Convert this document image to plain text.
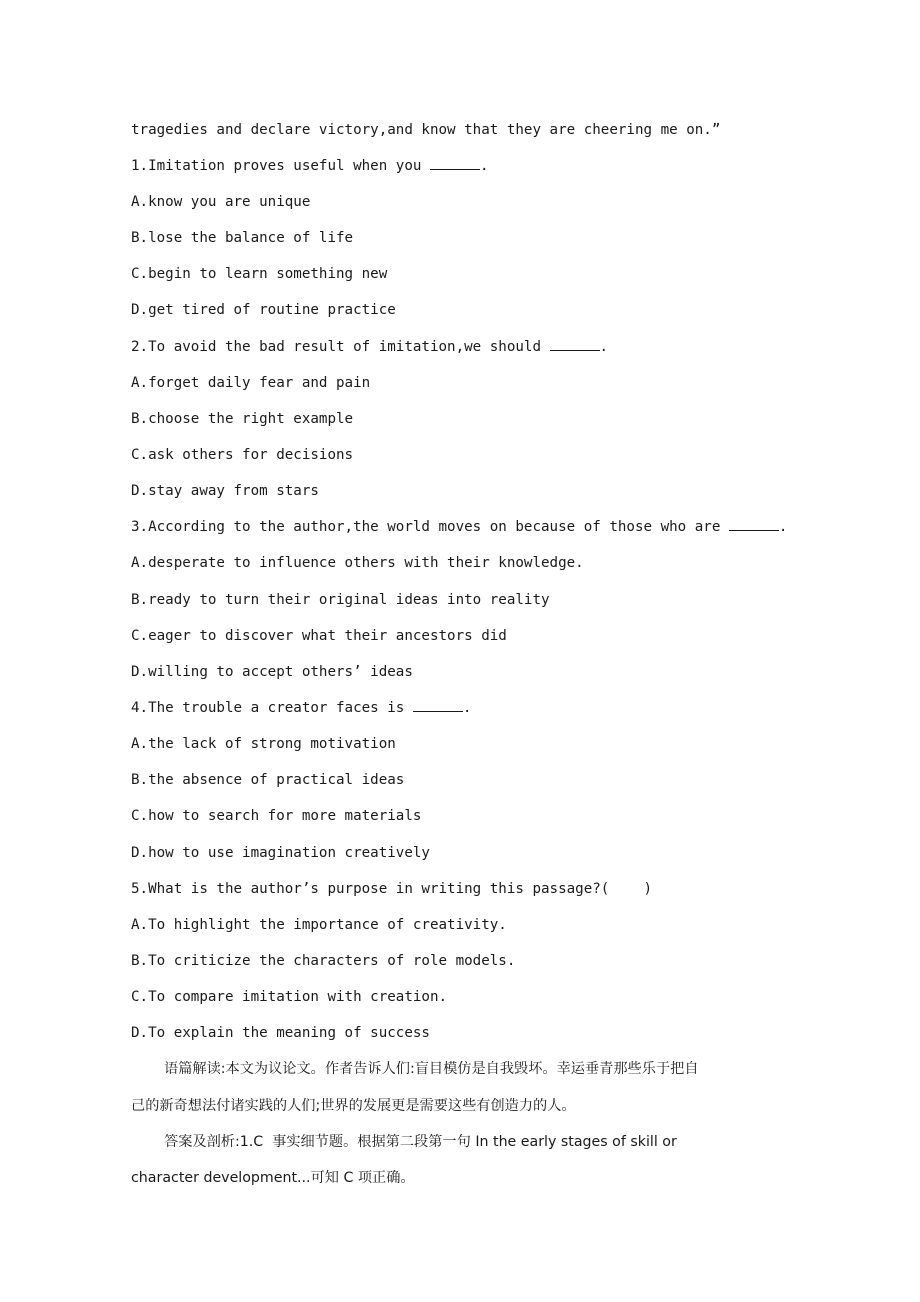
tragedies and declare victory,and know that they are cheering me on.”
1.Imitation proves useful when you	.
A.know you are unique
B.lose the balance of life
C.begin to learn something new
D.get tired of routine practice
2.To avoid the bad result of imitation,we should	.
A.forget daily fear and pain
B.choose the right example
C.ask others for decisions
D.stay away from stars
3.According to the author,the world moves on because of those who are	.
A.desperate to influence others with their knowledge.
B.ready to turn their original ideas into reality
C.eager to discover what their ancestors did
D.willing to accept others’ ideas
4.The trouble a creator faces is	.
A.the lack of strong motivation
B.the absence of practical ideas
C.how to search for more materials
D.how to use imagination creatively
5.What is the author’s purpose in writing this passage?(    )
A.To highlight the importance of creativity.
B.To criticize the characters of role models.
C.To compare imitation with creation.
D.To explain the meaning of success
语篇解读:本文为议论文。作者告诉人们:盲目模仿是自我毁坏。幸运垂青那些乐于把自
己的新奇想法付诸实践的人们;世界的发展更是需要这些有创造力的人。
答案及剖析:1.C  事实细节题。根据第二段第一句 In the early stages of skill or
character development...可知 C 项正确。
